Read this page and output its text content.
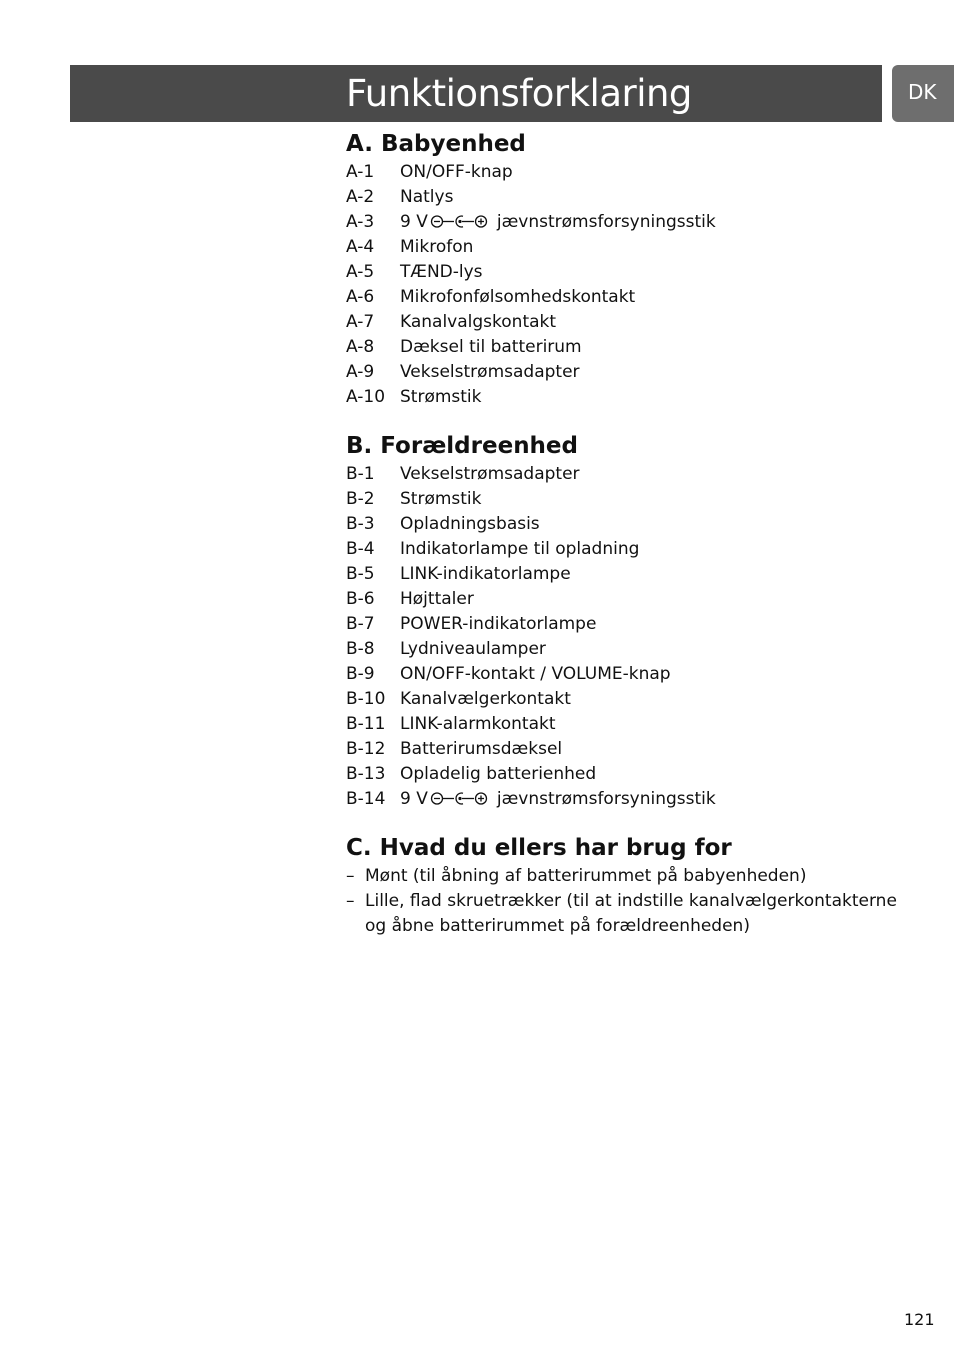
Funktionsforklaring	DK
A. Babyenhed
A-1	ON/OFF-knap
A-2	Natlys
A-3	9 V	jævnstrømsforsyningsstik
A-4	Mikrofon
A-5	TÆND-lys
A-6	Mikrofonfølsomhedskontakt
A-7	Kanalvalgskontakt
A-8	Dæksel til batterirum
A-9	Vekselstrømsadapter
A-10 Strømstik
B. Forældreenhed
B-1	Vekselstrømsadapter
B-2	Strømstik
B-3	Opladningsbasis
B-4	Indikatorlampe til opladning
B-5	LINK-indikatorlampe
B-6	Højttaler
B-7	POWER-indikatorlampe
B-8	Lydniveaulamper
B-9	ON/OFF-kontakt / VOLUME-knap
B-10 Kanalvælgerkontakt
B-11 LINK-alarmkontakt
B-12 Batterirumsdæksel
B-13 Opladelig batterienhed
B-14 9 V	jævnstrømsforsyningsstik
C. Hvad du ellers har brug for
– Mønt (til åbning af batterirummet på babyenheden)
– Lille, flad skruetrækker (til at indstille kanalvælgerkontakterne og åbne batterirummet på forældreenheden)
121
